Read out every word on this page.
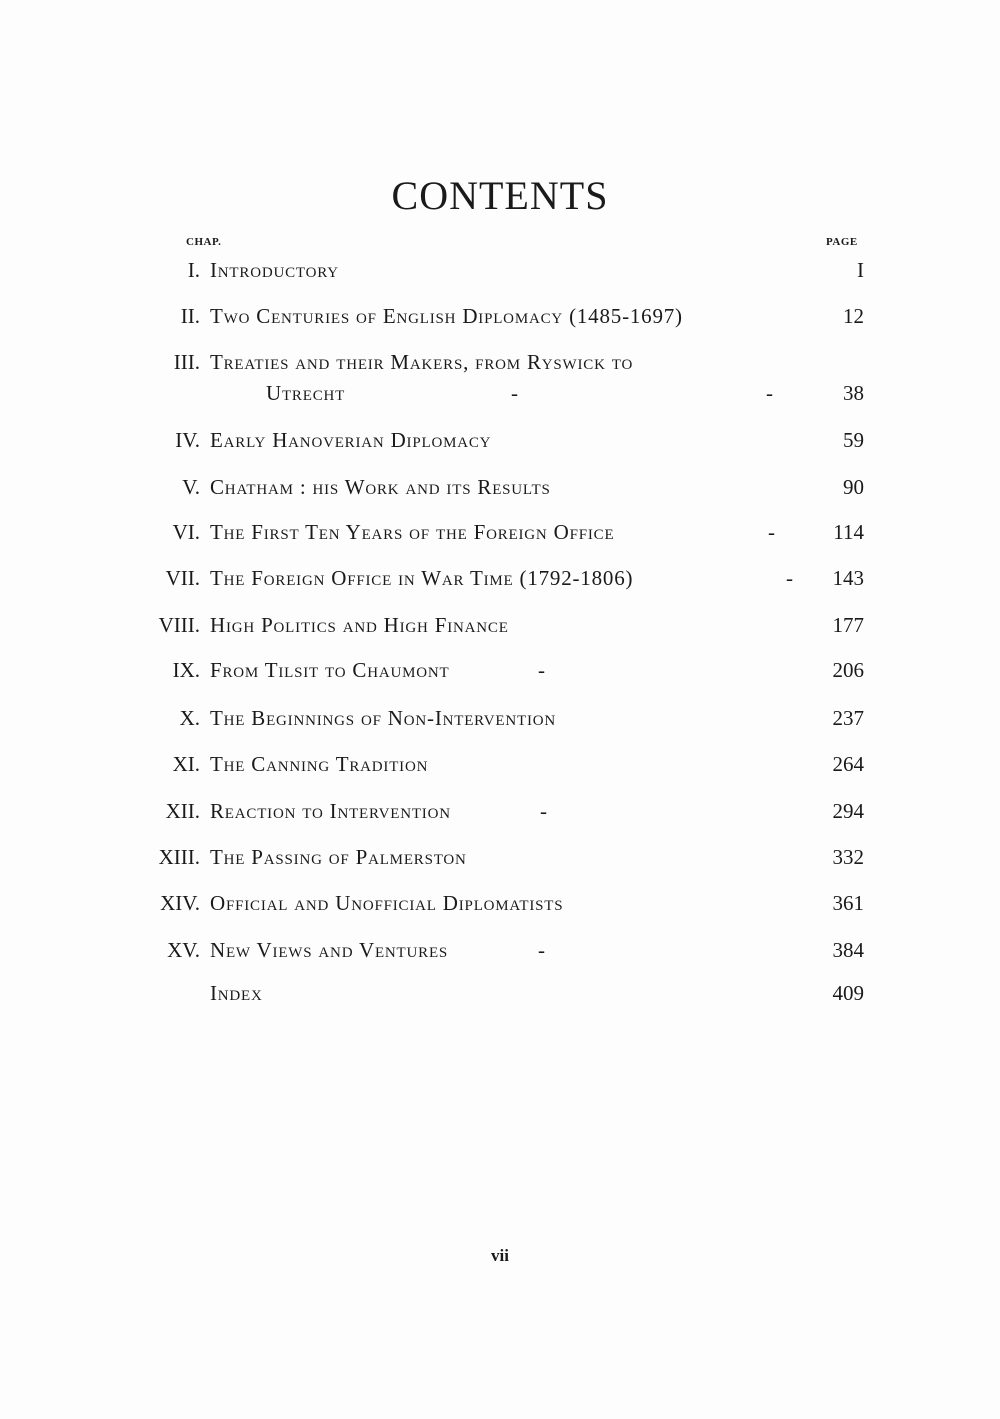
CONTENTS
CHAP.	PAGE
I. Introductory	I
II. Two Centuries of English Diplomacy (1485-1697)	12
III. Treaties and their Makers, from Ryswick to
Utrecht	-	-	38
IV. Early Hanoverian Diplomacy	59
V. Chatham : his Work and its Results	90
VI. The First Ten Years of the Foreign Office	-	114
VII. The Foreign Office in War Time (1792-1806)	-	143
VIII. High Politics and High Finance	177
IX. From Tilsit to Chaumont	-	206
X. The Beginnings of Non-Intervention	237
XI. The Canning Tradition	264
XII. Reaction to Intervention	-	294
XIII. The Passing of Palmerston	332
XIV. Official and Unofficial Diplomatists	361
XV. New Views and Ventures	-	384
Index	409
vii
